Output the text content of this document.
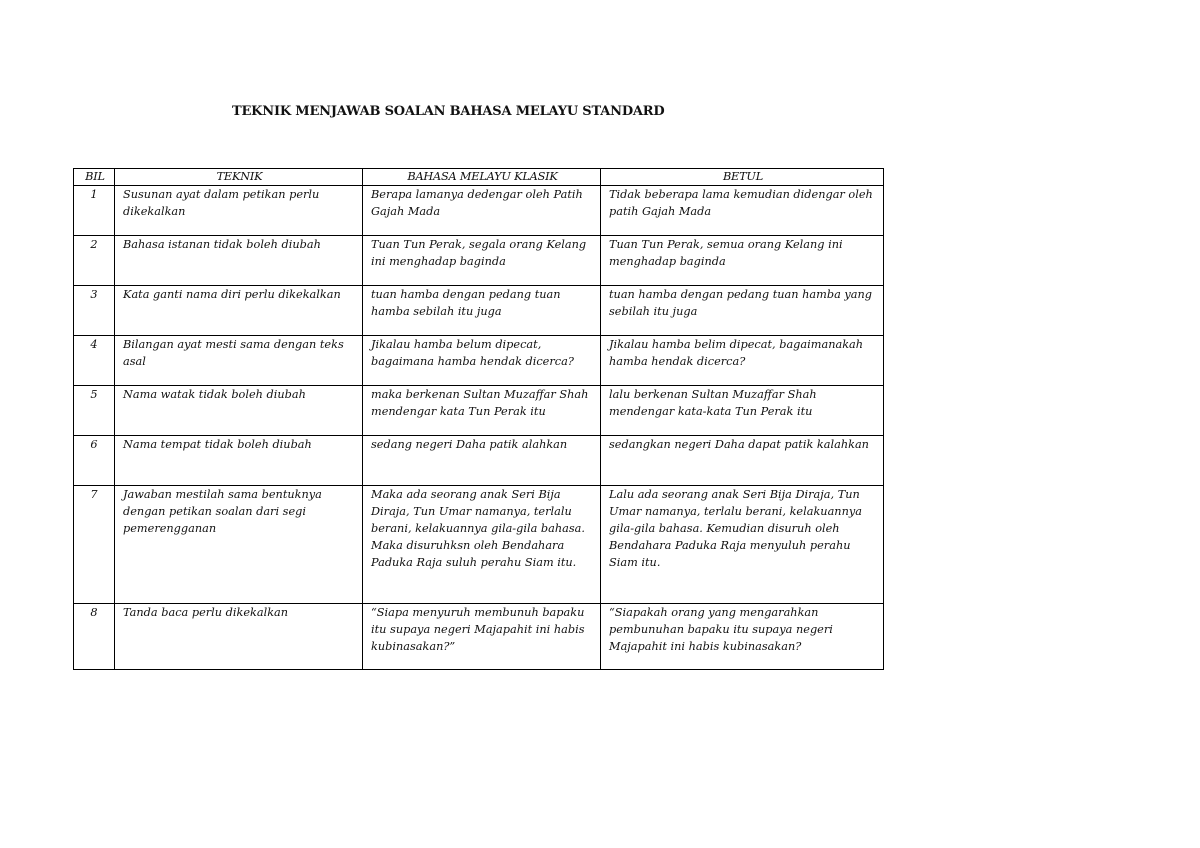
TEKNIK MENJAWAB SOALAN BAHASA MELAYU STANDARD
BIL	TEKNIK	BAHASA MELAYU KLASIK	BETUL
1	Susunan ayat dalam petikan perlu dikekalkan	Berapa lamanya dedengar oleh Patih Gajah Mada	Tidak beberapa lama kemudian didengar oleh patih Gajah Mada
2	Bahasa istanan tidak boleh diubah	Tuan Tun Perak, segala orang Kelang ini menghadap baginda	Tuan Tun Perak, semua orang Kelang ini menghadap baginda
3	Kata ganti nama diri perlu dikekalkan	tuan hamba dengan pedang tuan hamba sebilah itu juga	tuan hamba dengan pedang tuan hamba yang sebilah itu juga
4	Bilangan ayat mesti sama dengan teks asal	Jikalau hamba belum dipecat, bagaimana hamba hendak dicerca?	Jikalau hamba belim dipecat, bagaimanakah hamba hendak dicerca?
5	Nama watak tidak boleh diubah	maka berkenan Sultan Muzaffar Shah mendengar kata Tun Perak itu	lalu berkenan Sultan Muzaffar Shah mendengar kata-kata Tun Perak itu
6	Nama tempat tidak boleh diubah	sedang negeri Daha patik alahkan	sedangkan negeri Daha dapat patik kalahkan
7	Jawaban mestilah sama bentuknya dengan petikan soalan dari segi pemerengganan	Maka ada seorang anak Seri Bija Diraja, Tun Umar namanya, terlalu berani, kelakuannya gila-gila bahasa. Maka disuruhksn oleh Bendahara Paduka Raja suluh perahu Siam itu.	Lalu ada seorang anak Seri Bija Diraja, Tun Umar namanya, terlalu berani, kelakuannya gila-gila bahasa. Kemudian disuruh oleh Bendahara Paduka Raja menyuluh perahu Siam itu.
8	Tanda baca perlu dikekalkan	“Siapa menyuruh membunuh bapaku itu supaya negeri Majapahit ini habis kubinasakan?”	“Siapakah orang yang mengarahkan pembunuhan bapaku itu supaya negeri Majapahit ini habis kubinasakan?
